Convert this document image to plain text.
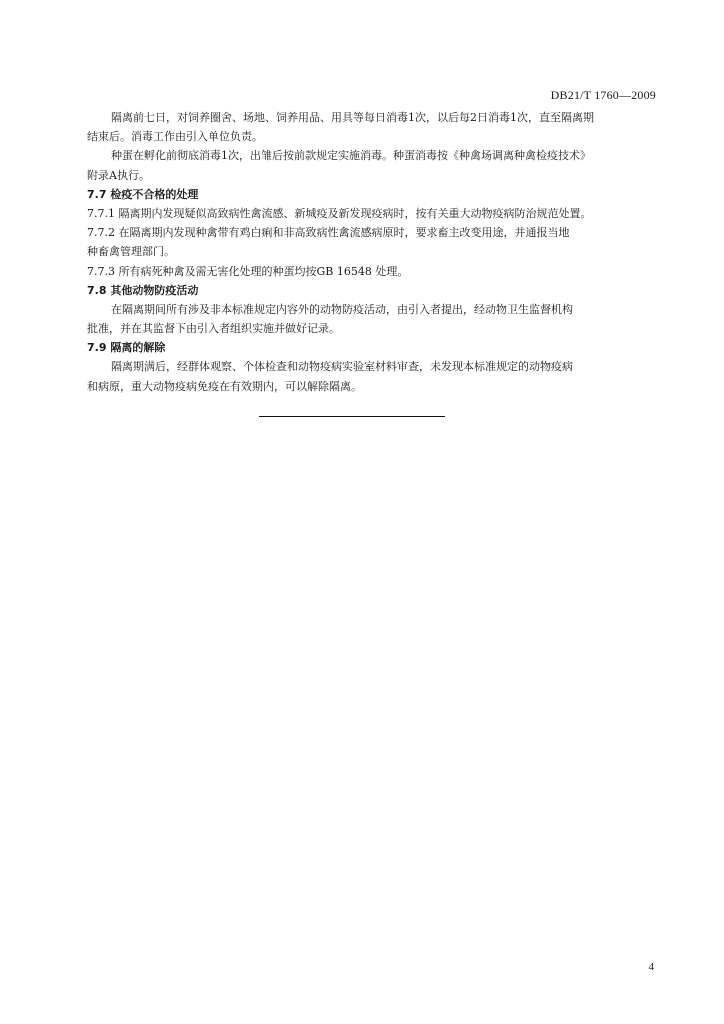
DB21/T 1760—2009
隔离前七日，对饲养圈舍、场地、饲养用品、用具等每日消毒1次，以后每2日消毒1次，直至隔离期
结束后。消毒工作由引入单位负责。
种蛋在孵化前彻底消毒1次，出雏后按前款规定实施消毒。种蛋消毒按《种禽场调离种禽检疫技术》
附录A执行。
7.7 检疫不合格的处理
7.7.1 隔离期内发现疑似高致病性禽流感、新城疫及新发现疫病时，按有关重大动物疫病防治规范处置。
7.7.2 在隔离期内发现种禽带有鸡白痢和非高致病性禽流感病原时，要求畜主改变用途，并通报当地
种畜禽管理部门。
7.7.3 所有病死种禽及需无害化处理的种蛋均按GB 16548 处理。
7.8 其他动物防疫活动
在隔离期间所有涉及非本标准规定内容外的动物防疫活动，由引入者提出，经动物卫生监督机构
批准，并在其监督下由引入者组织实施并做好记录。
7.9 隔离的解除
隔离期满后，经群体观察、个体检查和动物疫病实验室材料审查，未发现本标准规定的动物疫病
和病原，重大动物疫病免疫在有效期内，可以解除隔离。
4
